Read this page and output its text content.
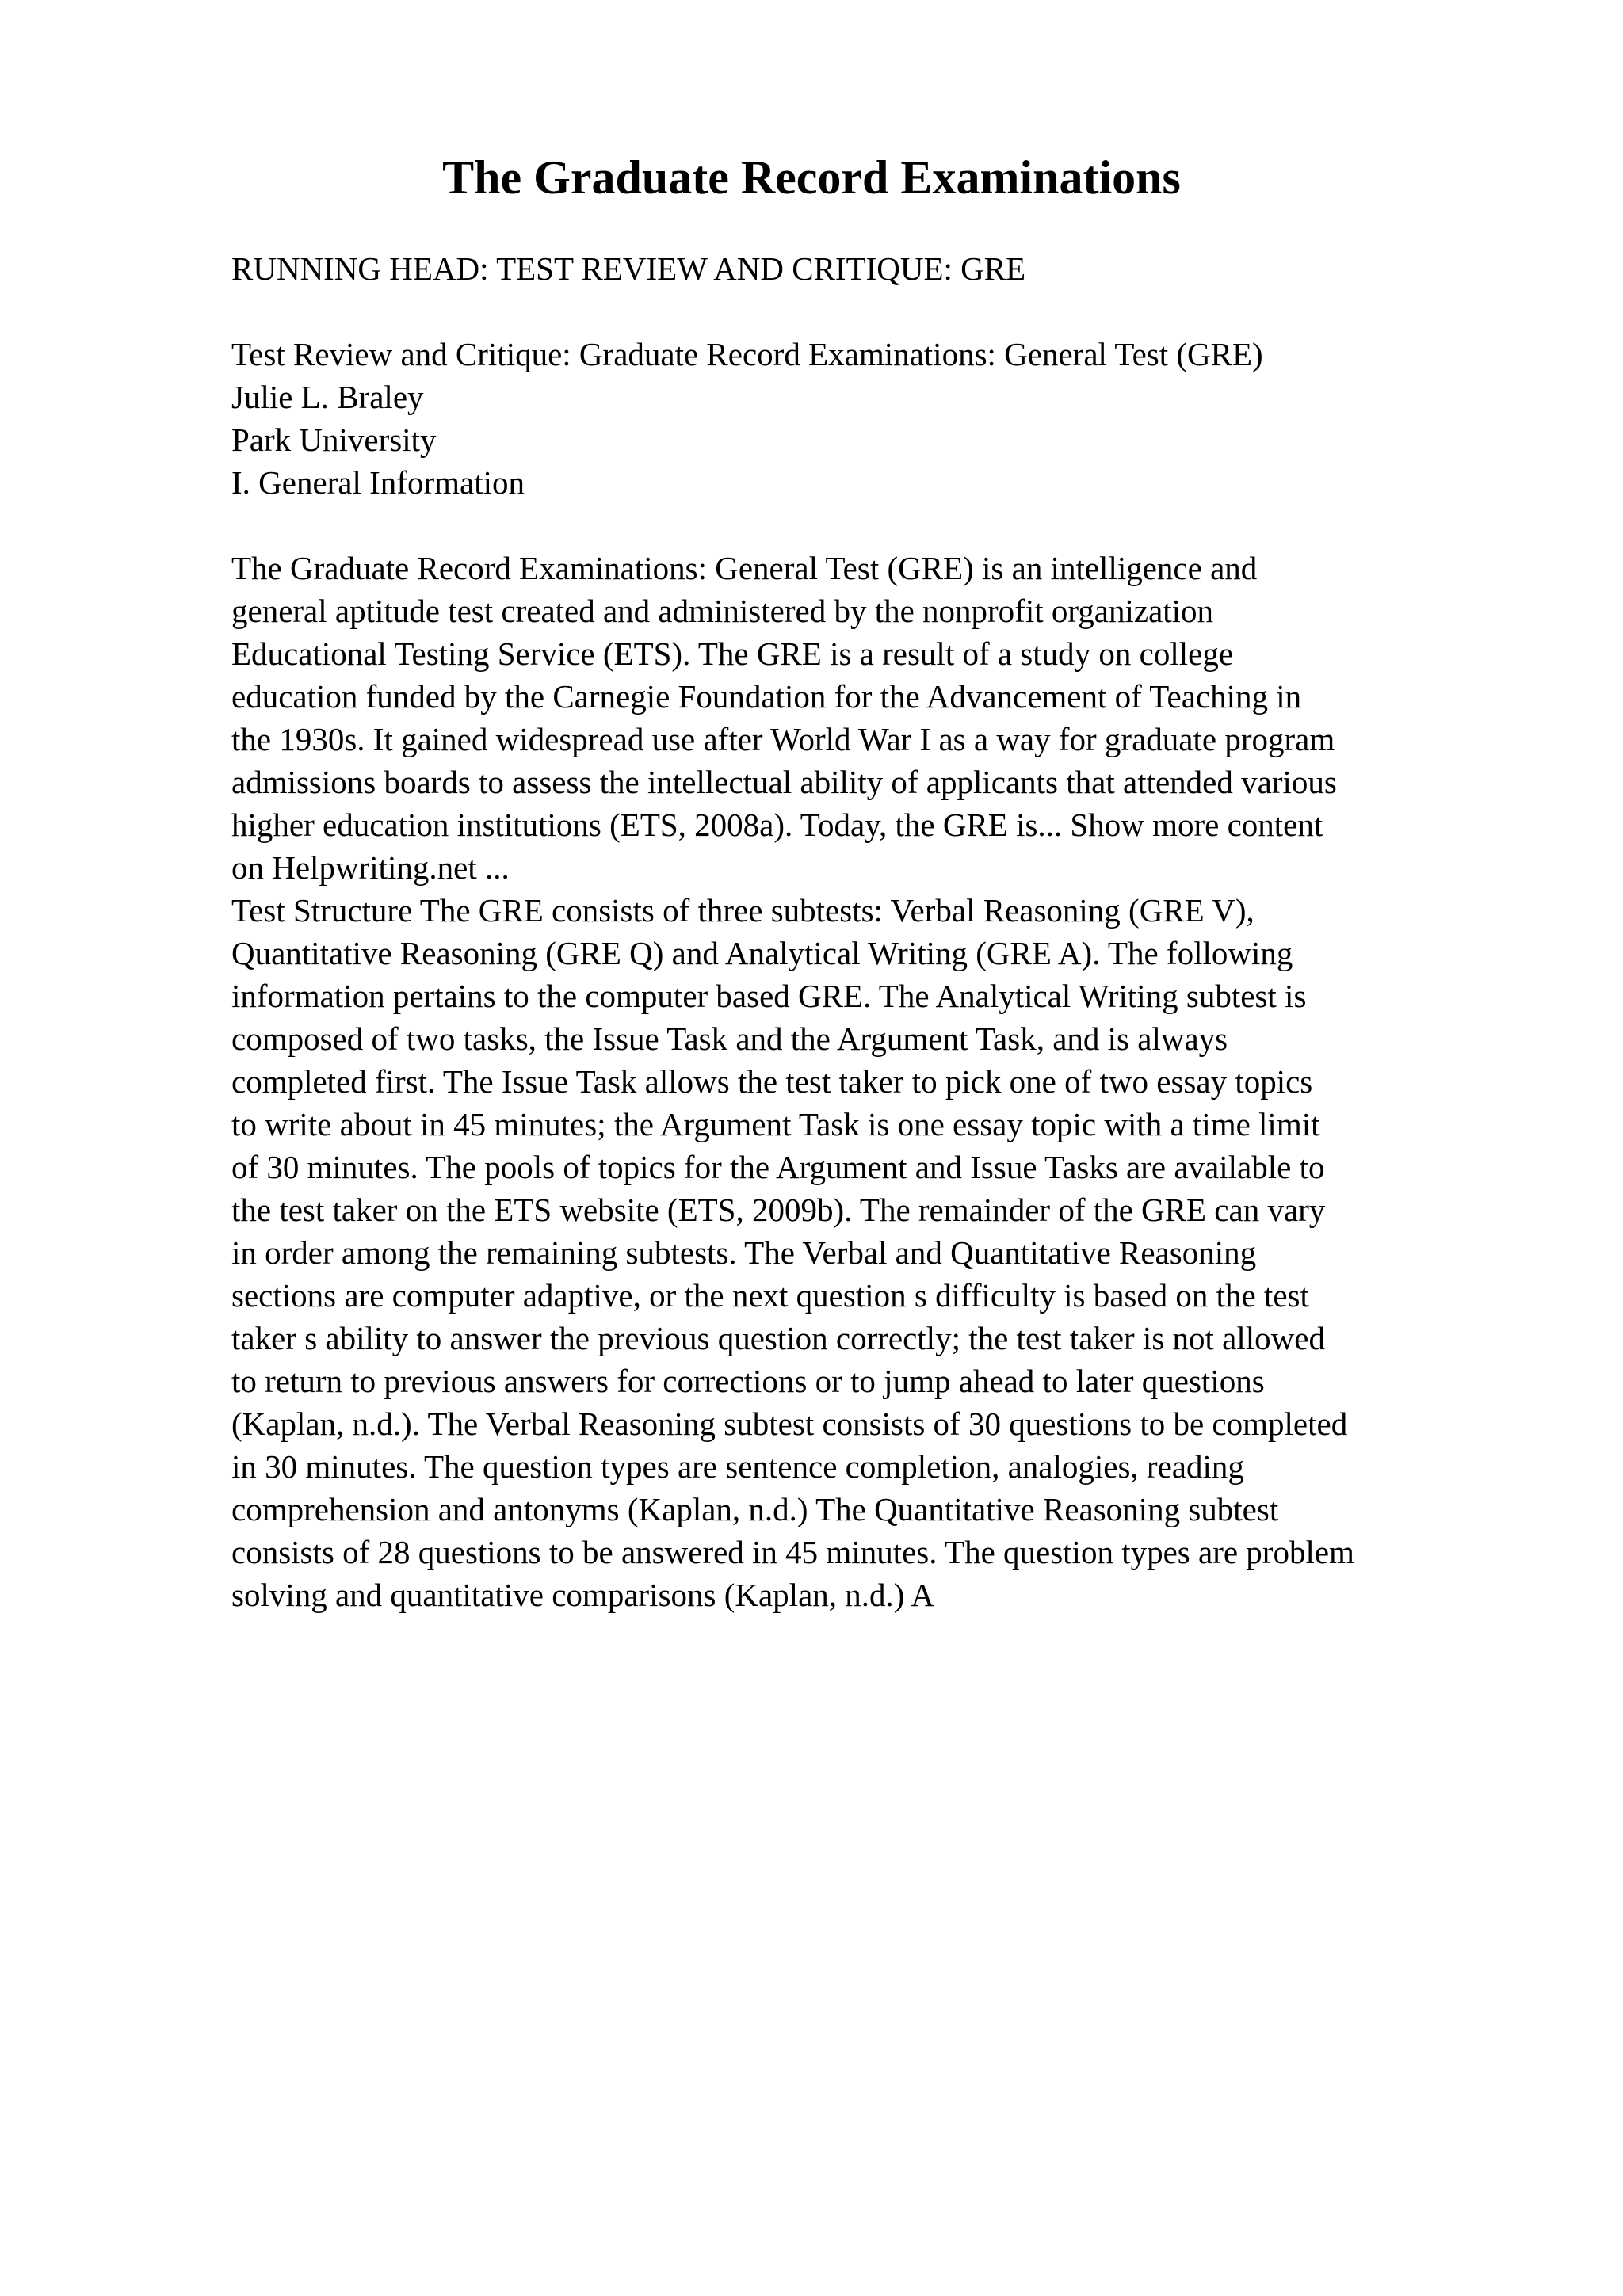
The Graduate Record Examinations

RUNNING HEAD: TEST REVIEW AND CRITIQUE: GRE

Test Review and Critique: Graduate Record Examinations: General Test (GRE)
Julie L. Braley
Park University
I. General Information
The Graduate Record Examinations: General Test (GRE) is an intelligence and
general aptitude test created and administered by the nonprofit organization
Educational Testing Service (ETS). The GRE is a result of a study on college
education funded by the Carnegie Foundation for the Advancement of Teaching in
the 1930s. It gained widespread use after World War I as a way for graduate program
admissions boards to assess the intellectual ability of applicants that attended various
higher education institutions (ETS, 2008a). Today, the GRE is... Show more content
on Helpwriting.net ...
Test Structure The GRE consists of three subtests: Verbal Reasoning (GRE V),
Quantitative Reasoning (GRE Q) and Analytical Writing (GRE A). The following
information pertains to the computer based GRE. The Analytical Writing subtest is
composed of two tasks, the Issue Task and the Argument Task, and is always
completed first. The Issue Task allows the test taker to pick one of two essay topics
to write about in 45 minutes; the Argument Task is one essay topic with a time limit
of 30 minutes. The pools of topics for the Argument and Issue Tasks are available to
the test taker on the ETS website (ETS, 2009b). The remainder of the GRE can vary
in order among the remaining subtests. The Verbal and Quantitative Reasoning
sections are computer adaptive, or the next question s difficulty is based on the test
taker s ability to answer the previous question correctly; the test taker is not allowed
to return to previous answers for corrections or to jump ahead to later questions
(Kaplan, n.d.). The Verbal Reasoning subtest consists of 30 questions to be completed
in 30 minutes. The question types are sentence completion, analogies, reading
comprehension and antonyms (Kaplan, n.d.) The Quantitative Reasoning subtest
consists of 28 questions to be answered in 45 minutes. The question types are problem
solving and quantitative comparisons (Kaplan, n.d.) A
